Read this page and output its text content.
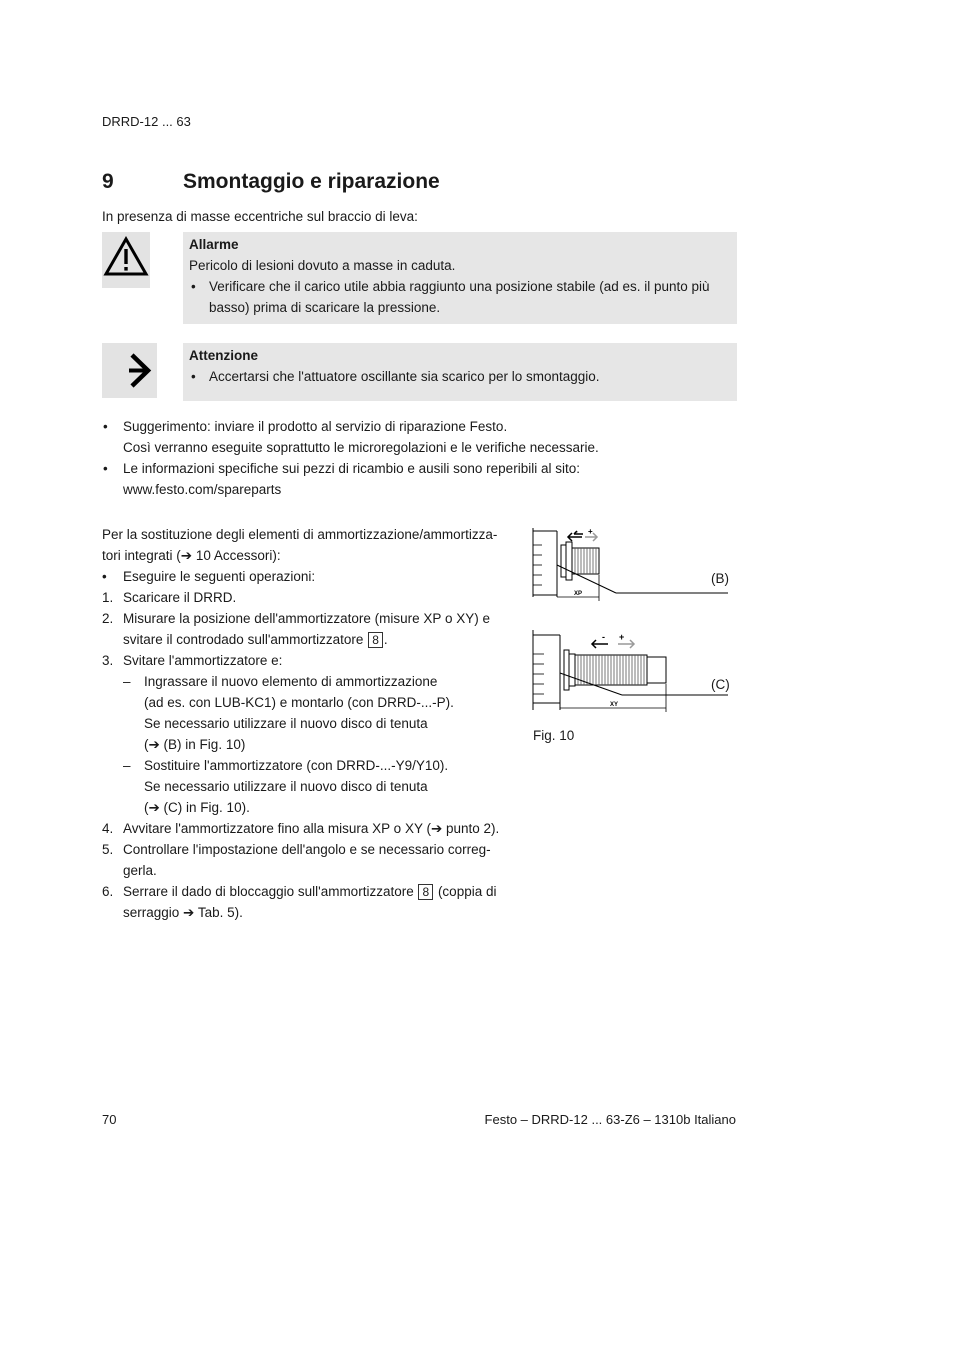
DRRD-12 ... 63
9	Smontaggio e riparazione
In presenza di masse eccentriche sul braccio di leva:
Allarme
Pericolo di lesioni dovuto a masse in caduta.
• Verificare che il carico utile abbia raggiunto una posizione stabile (ad es. il punto più basso) prima di scaricare la pressione.
Attenzione
• Accertarsi che l'attuatore oscillante sia scarico per lo smontaggio.
• Suggerimento: inviare il prodotto al servizio di riparazione Festo.
Così verranno eseguite soprattutto le microregolazioni e le verifiche necessarie.
• Le informazioni specifiche sui pezzi di ricambio e ausili sono reperibili al sito:
www.festo.com/spareparts
Per la sostituzione degli elementi di ammortizzazione/ammortizza-
tori integrati (➔ 10 Accessori):
• Eseguire le seguenti operazioni:
1. Scaricare il DRRD.
2. Misurare la posizione dell'ammortizzatore (misure XP o XY) e
svitare il controdado sull'ammortizzatore 8 .
3. Svitare l'ammortizzatore e:
– Ingrassare il nuovo elemento di ammortizzazione
(ad es. con LUB-KC1) e montarlo (con DRRD-...-P).
Se necessario utilizzare il nuovo disco di tenuta
(➔ (B) in Fig. 10)
– Sostituire l'ammortizzatore (con DRRD-...-Y9/Y10).
Se necessario utilizzare il nuovo disco di tenuta
(➔ (C) in Fig. 10).
4. Avvitare l'ammortizzatore fino alla misura XP o XY (➔ punto 2).
5. Controllare l'impostazione dell'angolo e se necessario correg-
gerla.
6. Serrare il dado di bloccaggio sull'ammortizzatore 8 (coppia di
serraggio ➔ Tab. 5).
- +
XP
(B)
- +
XY
(C)
Fig. 10
70	Festo – DRRD-12 ... 63-Z6 – 1310b Italiano
